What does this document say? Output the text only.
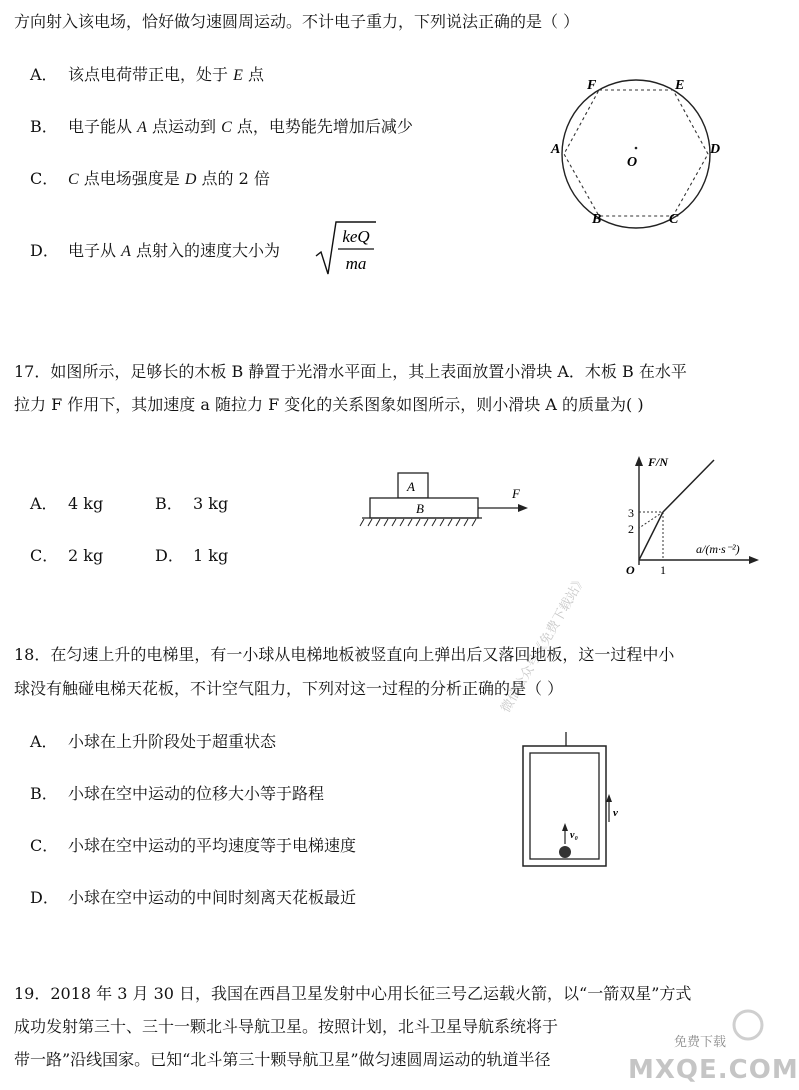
方向射入该电场，恰好做匀速圆周运动。不计电子重力，下列说法正确的是（ ）
A． 该点电荷带正电，处于 E 点
B． 电子能从 A 点运动到 C 点，电势能先增加后减少
C． C 点电场强度是 D 点的 2 倍
D． 电子从 A 点射入的速度大小为
keQ
ma
F	E
A	D
B	C
O
17．如图所示，足够长的木板 B 静置于光滑水平面上，其上表面放置小滑块 A．木板 B 在水平
拉力 F 作用下，其加速度 a 随拉力 F 变化的关系图象如图所示，则小滑块 A 的质量为( )
A． 4 kg	B． 3 kg
C． 2 kg	D． 1 kg
A
B
F
F/N
a/(m·s⁻²)
O
3
2
1
微信公众号《免费下载站》
18．在匀速上升的电梯里，有一小球从电梯地板被竖直向上弹出后又落回地板，这一过程中小
球没有触碰电梯天花板，不计空气阻力，下列对这一过程的分析正确的是（ ）
A． 小球在上升阶段处于超重状态
B． 小球在空中运动的位移大小等于路程
C． 小球在空中运动的平均速度等于电梯速度
D． 小球在空中运动的中间时刻离天花板最近
v
v₀
19．2018 年 3 月 30 日，我国在西昌卫星发射中心用长征三号乙运载火箭，以“一箭双星”方式
成功发射第三十、三十一颗北斗导航卫星。按照计划，北斗卫星导航系统将于
带一路”沿线国家。已知“北斗第三十颗导航卫星”做匀速圆周运动的轨道半径
免费下载
MXQE.COM
